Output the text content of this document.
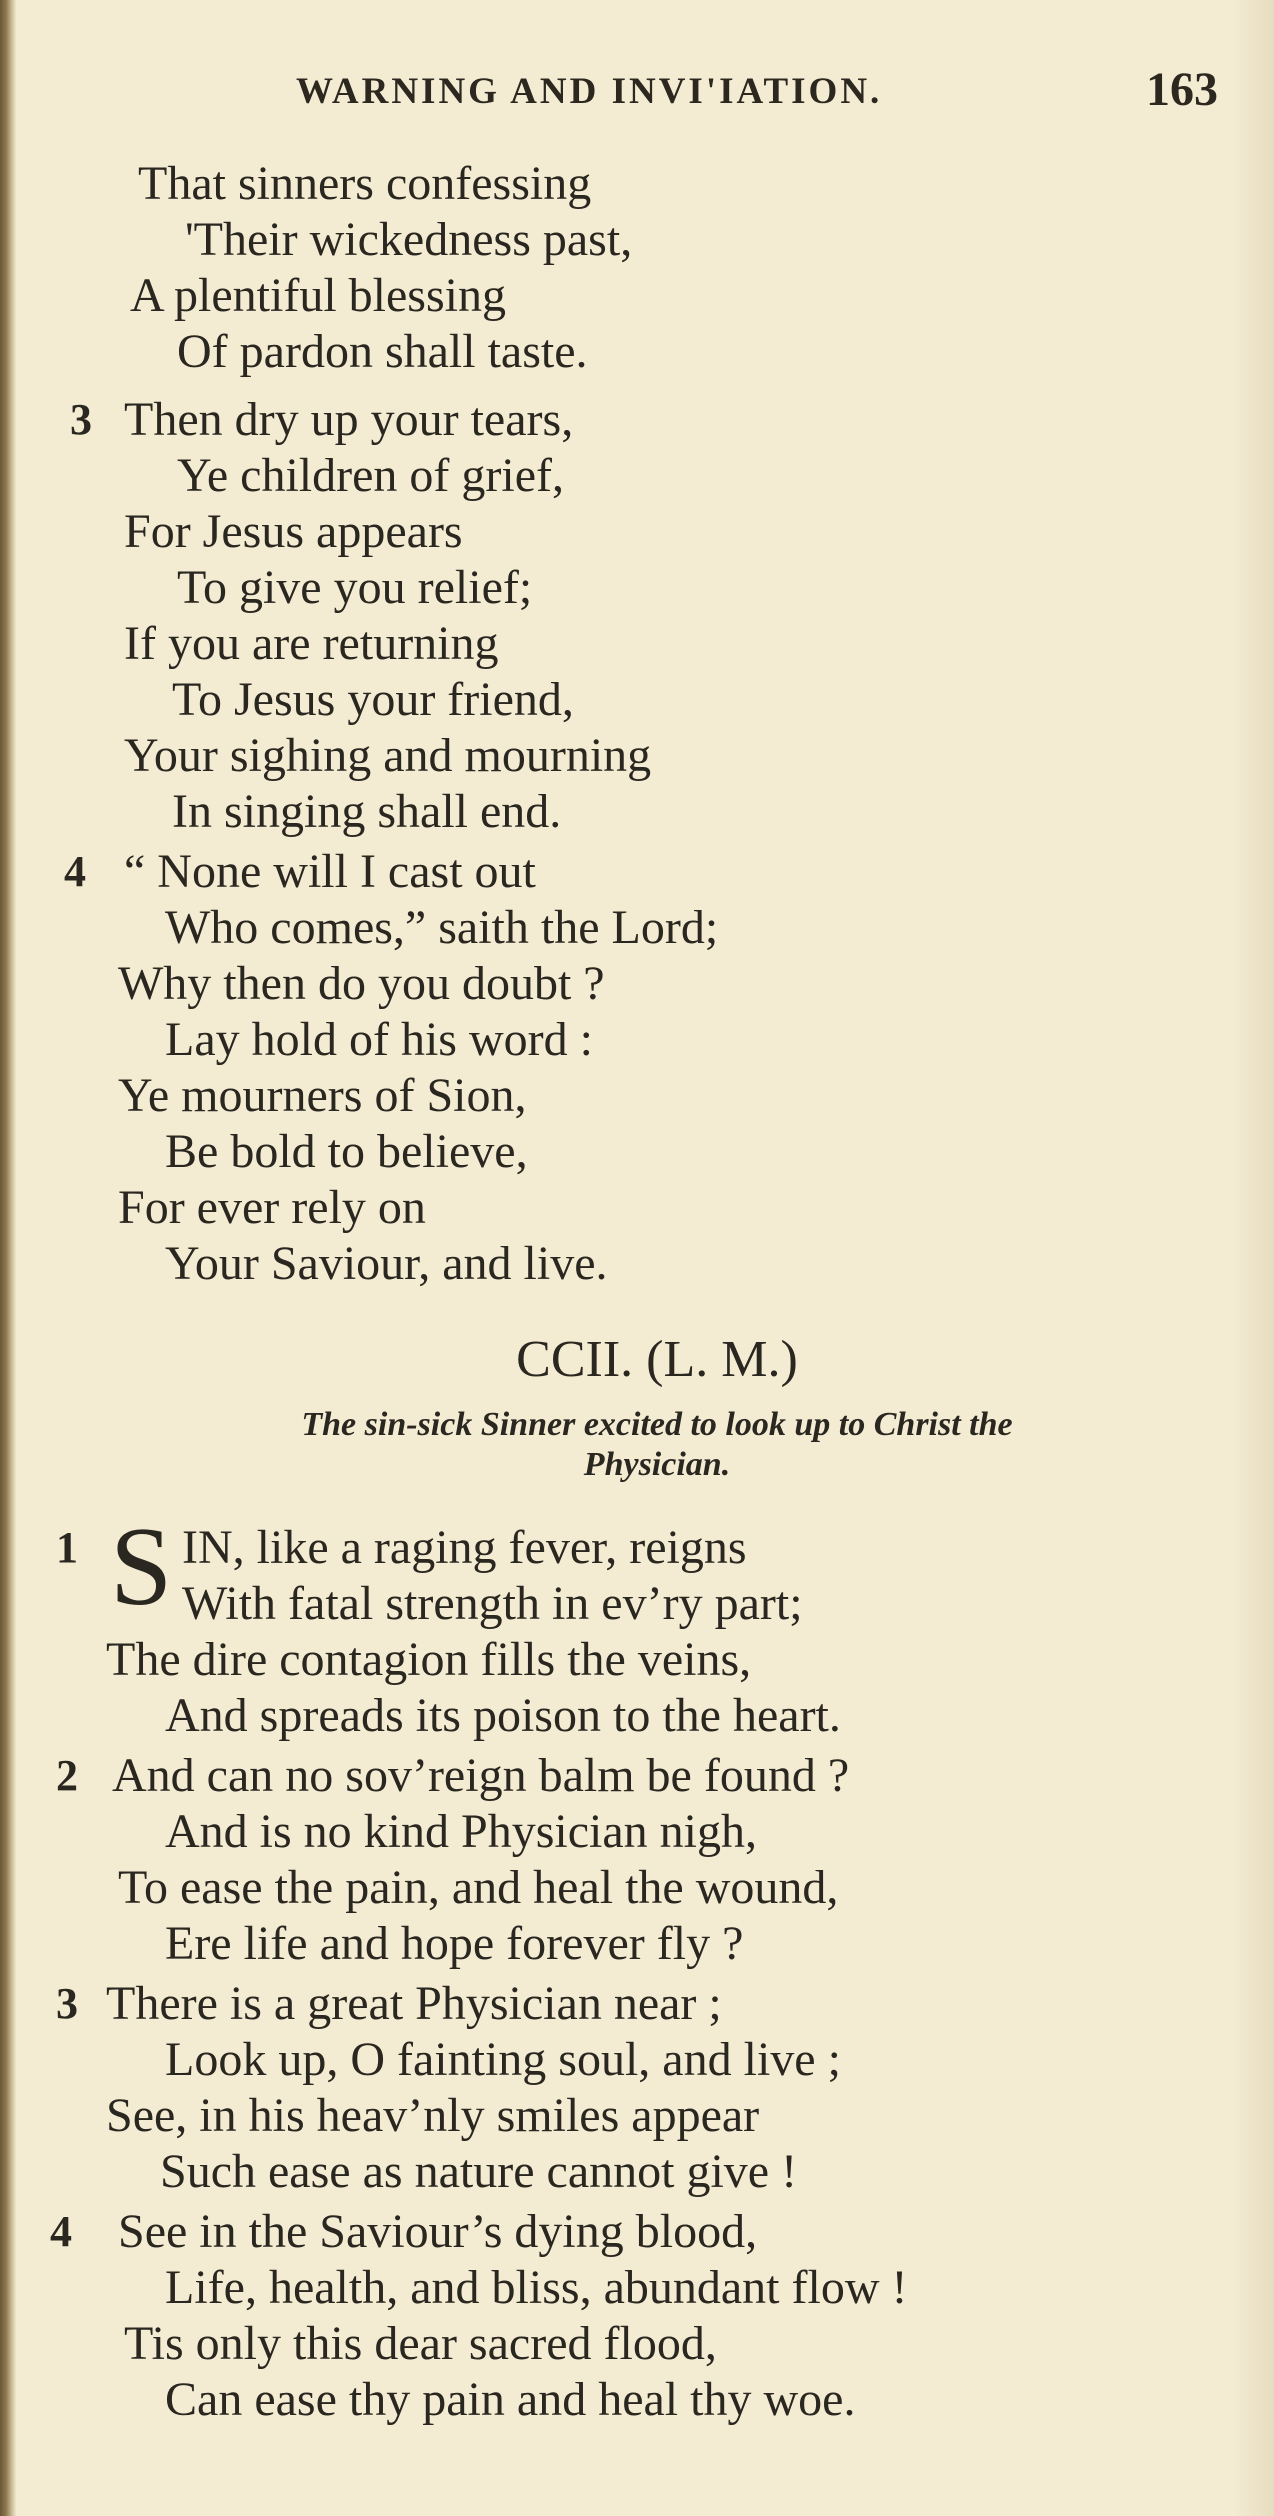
WARNING AND INVI'IATION.	163
That sinners confessing
'Their wickedness past,
A plentiful blessing
Of pardon shall taste.
3 Then dry up your tears,
Ye children of grief,
For Jesus appears
To give you relief;
If you are returning
To Jesus your friend,
Your sighing and mourning
In singing shall end.
4 “ None will I cast out
Who comes,” saith the Lord;
Why then do you doubt ?
Lay hold of his word :
Ye mourners of Sion,
Be bold to believe,
For ever rely on
Your Saviour, and live.
CCII. (L. M.)
The sin-sick Sinner excited to look up to Christ the
Physician.
1 S IN, like a raging fever, reigns
With fatal strength in ev’ry part;
The dire contagion fills the veins,
And spreads its poison to the heart.
2 And can no sov’reign balm be found ?
And is no kind Physician nigh,
To ease the pain, and heal the wound,
Ere life and hope forever fly ?
3 There is a great Physician near ;
Look up, O fainting soul, and live ;
See, in his heav’nly smiles appear
Such ease as nature cannot give !
4 See in the Saviour’s dying blood,
Life, health, and bliss, abundant flow !
Tis only this dear sacred flood,
Can ease thy pain and heal thy woe.
